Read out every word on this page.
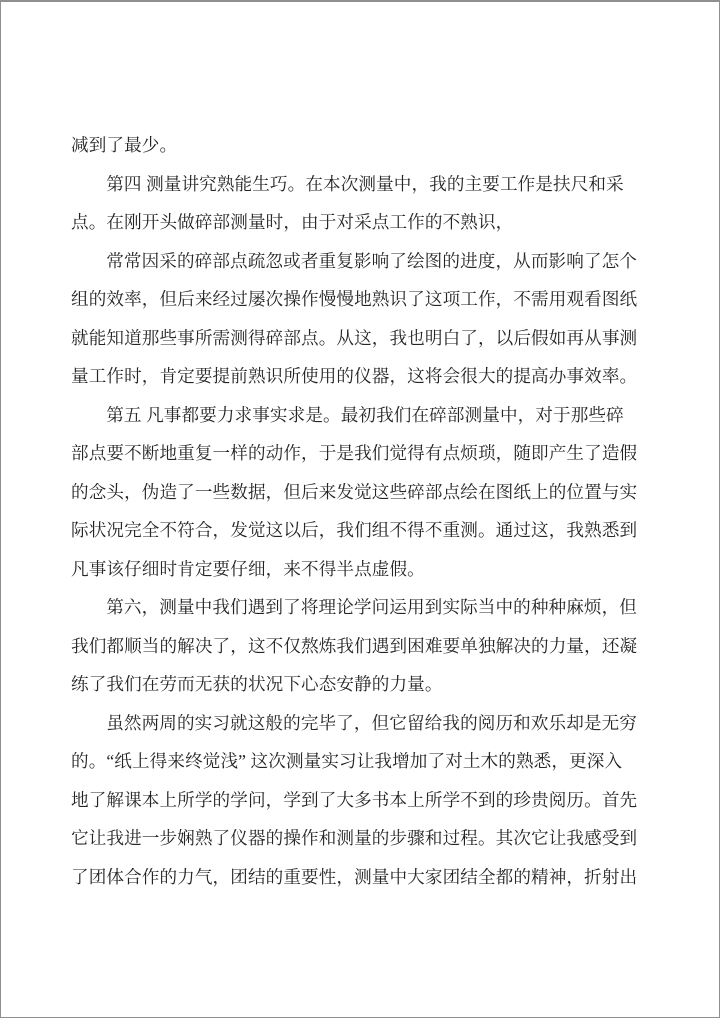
减到了最少。
第四 测量讲究熟能生巧。在本次测量中，我的主要工作是扶尺和采
点。在刚开头做碎部测量时，由于对采点工作的不熟识，
常常因采的碎部点疏忽或者重复影响了绘图的进度，从而影响了怎个
组的效率，但后来经过屡次操作慢慢地熟识了这项工作，不需用观看图纸
就能知道那些事所需测得碎部点。从这，我也明白了，以后假如再从事测
量工作时，肯定要提前熟识所使用的仪器，这将会很大的提高办事效率。
第五 凡事都要力求事实求是。最初我们在碎部测量中，对于那些碎
部点要不断地重复一样的动作，于是我们觉得有点烦琐，随即产生了造假
的念头，伪造了一些数据，但后来发觉这些碎部点绘在图纸上的位置与实
际状况完全不符合，发觉这以后，我们组不得不重测。通过这，我熟悉到
凡事该仔细时肯定要仔细，来不得半点虚假。
第六，测量中我们遇到了将理论学问运用到实际当中的种种麻烦，但
我们都顺当的解决了，这不仅熬炼我们遇到困难要单独解决的力量，还凝
练了我们在劳而无获的状况下心态安静的力量。
虽然两周的实习就这般的完毕了，但它留给我的阅历和欢乐却是无穷
的。“纸上得来终觉浅” 这次测量实习让我增加了对土木的熟悉，更深入
地了解课本上所学的学问，学到了大多书本上所学不到的珍贵阅历。首先
它让我进一步娴熟了仪器的操作和测量的步骤和过程。其次它让我感受到
了团体合作的力气，团结的重要性，测量中大家团结全都的精神，折射出
